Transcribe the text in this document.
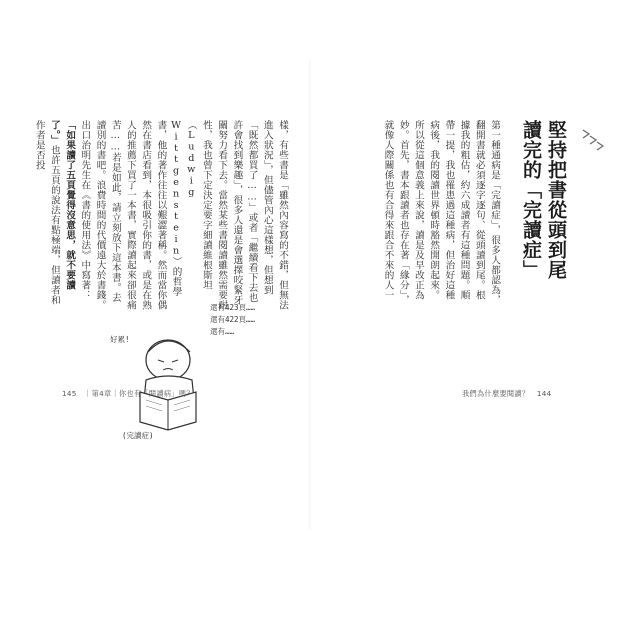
樣，有些書是「雖然內容寫的不錯，但無法進入狀況」，但儘管內心這樣想，但想到「既然都買了……」或者「繼續看下去也許會找到樂趣」，很多人還是會選擇咬緊牙關努力看下去。當然某些書閱讀雖然需要耐性，我也曾下定決定要字細讀維根斯坦（Ludwig Wittgenstein）的哲學書，他的著作往往以艱澀著稱。然而當你偶然在書店看到，本很吸引你的書，或是在熟人的推薦下買了一本書，實際讀起來卻很痛苦……若是如此，請立刻放下這本書。去讀別的書吧。浪費時間的代價遠大於書錢。出口治明先生在《書的使用法》中寫著：「如果讀了五頁覺得沒意思，就不要讀了。」也許五頁的說法有點極端，但讀者和作者是否投
好累!
還有423頁……
還有422頁……
還有……
(完讀症)
145　｜第4章｜你也有「閱讀病」嗎？
第一種通病是「完讀症」，很多人都認為，翻開書就必須逐字逐句、從頭讀到尾。根據我的粗估，約六成讀者有這種問題。順帶一提，我也罹患過這種病，但治好這種病後，我的閱讀世界頓時豁然開朗起來。所以從這個意義上來說，讀是及早改正為妙。首先，書本跟讀者也存在著「緣分」，就像人際關係也有合得來跟合不來的人一	堅持把書從頭到尾讀完的「完讀症」
我們為什麼要閱讀？　144
